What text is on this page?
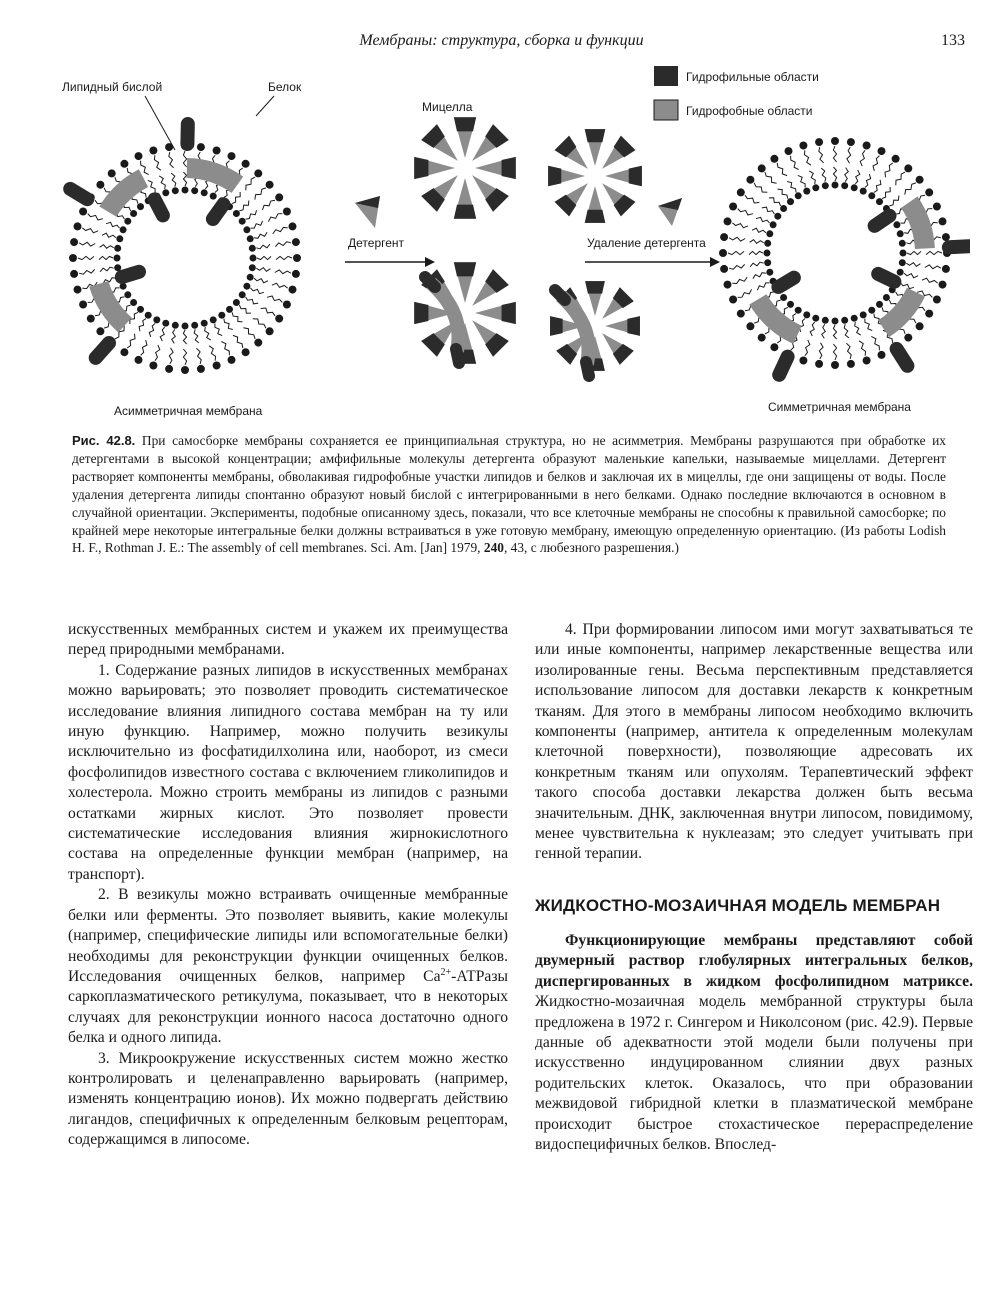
Мембраны: структура, сборка и функции	133
Липидный бислой	Белок
Мицелла
Детергент	Удаление детергента
Асимметричная мембрана	Симметричная мембрана
Гидрофильные области
Гидрофобные области

Рис. 42.8. При самосборке мембраны сохраняется ее принципиальная структура, но не асимметрия. Мембраны разрушаются при обработке их детергентами в высокой концентрации; амфифильные молекулы детергента образуют маленькие капельки, называемые мицеллами. Детергент растворяет компоненты мембраны, обволакивая гидрофобные участки липидов и белков и заключая их в мицеллы, где они защищены от воды. После удаления детергента липиды спонтанно образуют новый бислой с интегрированными в него белками. Однако последние включаются в основном в случайной ориентации. Эксперименты, подобные описанному здесь, показали, что все клеточные мембраны не способны к правильной самосборке; по крайней мере некоторые интегральные белки должны встраиваться в уже готовую мембрану, имеющую определенную ориентацию. (Из работы Lodish H. F., Rothman J. E.: The assembly of cell membranes. Sci. Am. [Jan] 1979, 240, 43, с любезного разрешения.)

искусственных мембранных систем и укажем их преимущества перед природными мембранами.

1. Содержание разных липидов в искусственных мембранах можно варьировать; это позволяет проводить систематическое исследование влияния липидного состава мембран на ту или иную функцию. Например, можно получить везикулы исключительно из фосфатидилхолина или, наоборот, из смеси фосфолипидов известного состава с включением гликолипидов и холестерола. Можно строить мембраны из липидов с разными остатками жирных кислот. Это позволяет провести систематические исследования влияния жирнокислотного состава на определенные функции мембран (например, на транспорт).

2. В везикулы можно встраивать очищенные мембранные белки или ферменты. Это позволяет выявить, какие молекулы (например, специфические липиды или вспомогательные белки) необходимы для реконструкции функции очищенных белков. Исследования очищенных белков, например $Ca^{2+}$-АТРазы саркоплазматического ретикулума, показывает, что в некоторых случаях для реконструкции ионного насоса достаточно одного белка и одного липида.

3. Микроокружение искусственных систем можно жестко контролировать и целенаправленно варьировать (например, изменять концентрацию ионов). Их можно подвергать действию лигандов, специфичных к определенным белковым рецепторам, содержащимся в липосоме.

4. При формировании липосом ими могут захватываться те или иные компоненты, например лекарственные вещества или изолированные гены. Весьма перспективным представляется использование липосом для доставки лекарств к конкретным тканям. Для этого в мембраны липосом необходимо включить компоненты (например, антитела к определенным молекулам клеточной поверхности), позволяющие адресовать их конкретным тканям или опухолям. Терапевтический эффект такого способа доставки лекарства должен быть весьма значительным. ДНК, заключенная внутри липосом, повидимому, менее чувствительна к нуклеазам; это следует учитывать при генной терапии.

ЖИДКОСТНО-МОЗАИЧНАЯ МОДЕЛЬ МЕМБРАН

Функционирующие мембраны представляют собой двумерный раствор глобулярных интегральных белков, диспергированных в жидком фосфолипидном матриксе. Жидкостно-мозаичная модель мембранной структуры была предложена в 1972 г. Сингером и Николсоном (рис. 42.9). Первые данные об адекватности этой модели были получены при искусственно индуцированном слиянии двух разных родительских клеток. Оказалось, что при образовании межвидовой гибридной клетки в плазматической мембране происходит быстрое стохастическое перераспределение видоспецифичных белков. Впослед-
